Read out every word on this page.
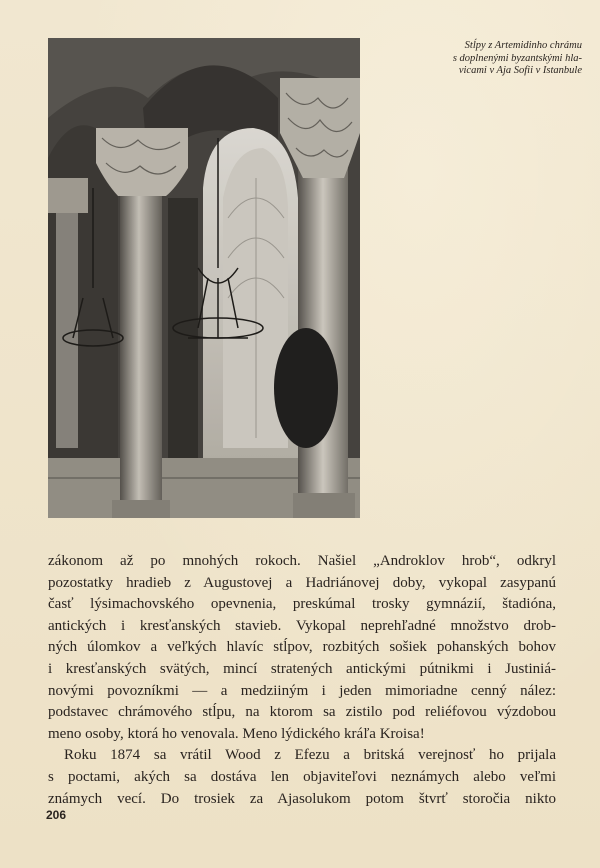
Stĺpy z Artemidinho chrámu
s doplnenými byzantskými hla-
vicami v Aja Sofii v Istanbule
zákonom až po mnohých rokoch. Našiel „Androklov hrob“, odkryl
pozostatky hradieb z Augustovej a Hadriánovej doby, vykopal zasypanú
časť lýsimachovského opevnenia, preskúmal trosky gymnázií, štadióna,
antických i kresťanských stavieb. Vykopal neprehľadné množstvo drob-
ných úlomkov a veľkých hlavíc stĺpov, rozbitých sošiek pohanských bohov
i kresťanských svätých, mincí stratených antickými pútnikmi i Justiniá-
novými povozníkmi — a medziiným i jeden mimoriadne cenný nález:
podstavec chrámového stĺpu, na ktorom sa zistilo pod reliéfovou výzdobou
meno osoby, ktorá ho venovala. Meno lýdického kráľa Kroisa!
Roku 1874 sa vrátil Wood z Efezu a britská verejnosť ho prijala
s poctami, akých sa dostáva len objaviteľovi neznámych alebo veľmi
známych vecí. Do trosiek za Ajasolukom potom štvrť storočia nikto
206
